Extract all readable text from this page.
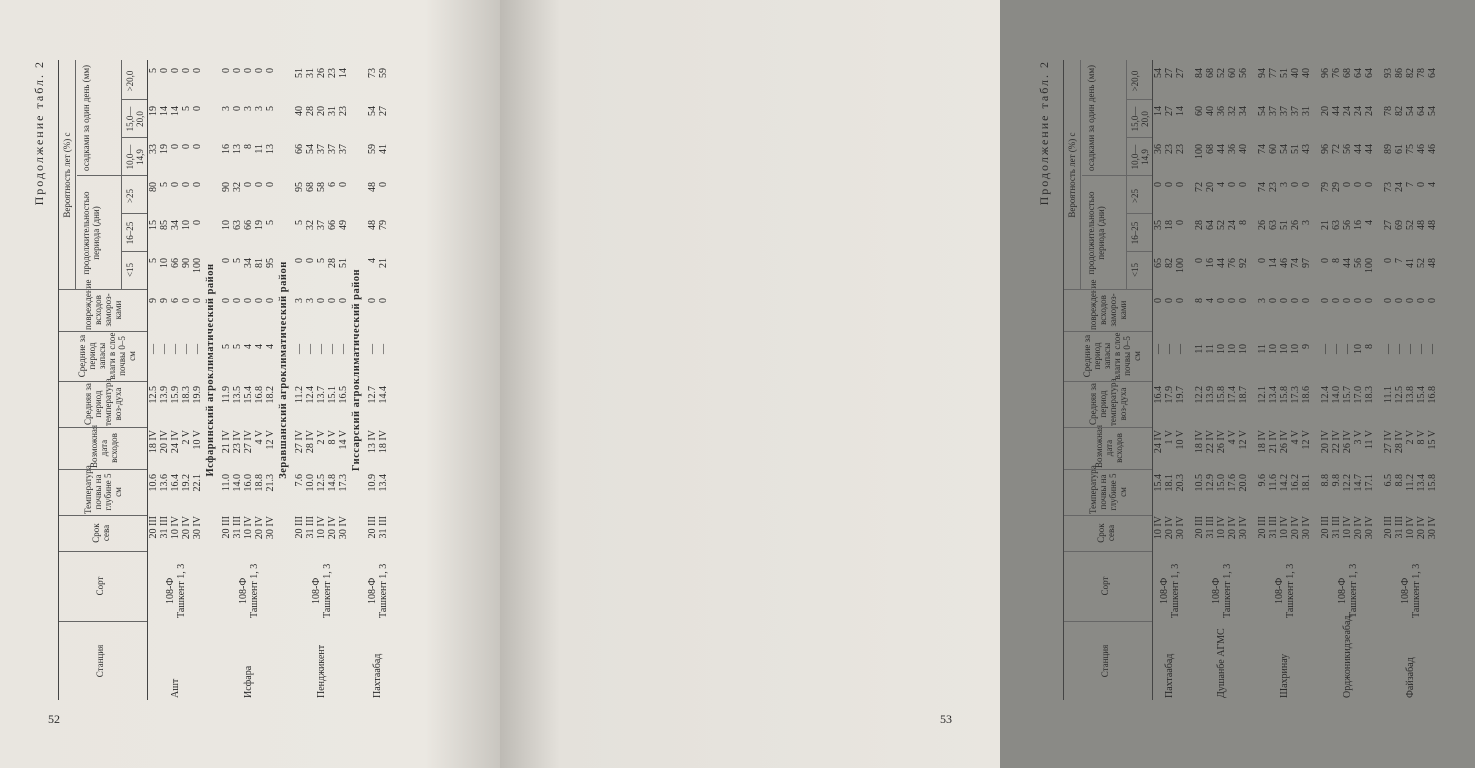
52
Продолжение табл. 2
Станция
Сорт
Срок сева
Температура почвы на глубине 5 см
Возможная дата всходов
Средняя за период температура воз-духа
Средние за период запасы влаги в слое почвы 0–5 см
повреждение всходов замороз-ками
Вероятность лет (%) с
продолжительностью периода (дни)
осадками за один день (мм)
<15
16–25
>25
10,0—14,9
15,0—20,0
>20,0
Ашт
108-Ф Ташкент 1, 3
20 III 31 III 10 IV 20 IV 30 IV
10.6 13.6 16.4 19.2 22.1
18 IV 20 IV 24 IV 2 V 10 V
12.5 13.9 15.9 18.3 19.9
— — — — —
9 9 6 0 0
5 10 66 90 100
15 85 34 10 0
80 5 0 0 0
33 19 0 0 0
19 14 14 5 0
5 0 0 0 0
Исфаринский агроклиматический район
Исфара
108-Ф Ташкент 1, 3
20 III 31 III 10 IV 20 IV 30 IV
11.0 14.0 16.0 18.8 21.3
21 IV 23 IV 27 IV 4 V 12 V
11.9 13.5 15.4 16.8 18.2
5 5 4 4 4
0 0 0 0 0
0 5 34 81 95
10 63 66 19 5
90 32 0 0 0
16 13 8 11 13
3 0 3 3 5
0 0 0 0 0
Зеравшанский агроклиматический район
Пенджикент
108-Ф Ташкент 1, 3
20 III 31 III 10 IV 20 IV 30 IV
7.6 10.0 12.5 14.8 17.3
27 IV 28 IV 2 V 8 V 14 V
11.2 12.4 13.7 15.1 16.5
— — — — —
3 3 0 0 0
0 0 5 28 51
5 32 37 66 49
95 68 58 6 0
66 54 37 37 37
40 28 20 31 23
51 31 26 23 14
Гиссарский агроклиматический район
Пахтаабад
108-Ф Ташкент 1, 3
20 III 31 III
10.9 13.4
13 IV 18 IV
12.7 14.4
— —
0 0
4 21
48 79
48 0
59 41
54 27
73 59
53
Продолжение табл. 2
Станция
Сорт
Срок сева
Температура почвы на глубине 5 см
Возможная дата всходов
Средняя за период температура воз-духа
Средние за период запасы влаги в слое почвы 0–5 см
повреждение всходов замороз-ками
Вероятность лет (%) с
продолжительностью периода (дни)
осадками за один день (мм)
<15
16–25
>25
10,0—14,9
15,0—20,0
>20,0
Пахтаабад
108-Ф Ташкент 1, 3
10 IV 20 IV 30 IV
15.4 18.1 20.3
24 IV 1 V 10 V
16.4 17.9 19.7
— — —
0 0 0
65 82 100
35 18 0
0 0 0
36 23 23
14 27 14
54 27 27
Душанбе АГМС
108-Ф Ташкент 1, 3
20 III 31 III 10 IV 20 IV 30 IV
10.5 12.9 15.0 17.6 20.0
18 IV 22 IV 26 IV 4 V 12 V
12.2 13.9 15.8 17.4 18.7
11 11 10 10 10
8 4 0 0 0
0 16 44 76 92
28 64 52 24 8
72 20 4 0 0
100 68 44 36 40
60 40 36 32 34
84 68 52 60 56
Шахринау
108-Ф Ташкент 1, 3
20 III 31 III 10 IV 20 IV 30 IV
9.6 11.6 14.2 16.2 18.1
18 IV 21 IV 26 IV 4 V 12 V
12.1 13.4 15.8 17.3 18.6
11 10 10 10 9
3 0 0 0 0
0 14 46 74 97
26 63 51 26 3
74 23 3 0 0
74 60 54 51 43
54 37 37 37 31
94 77 51 40 40
Орджоникидзеабад
108-Ф Ташкент 1, 3
20 III 31 III 10 IV 20 IV 30 IV
8.8 9.8 12.2 14.7 17.1
20 IV 22 IV 26 IV 3 V 11 V
12.4 14.0 15.7 17.0 18.3
— — — 10 8
0 0 0 0 0
0 8 44 56 100
21 63 56 16 4
79 29 0 0 0
96 72 56 44 44
20 44 24 24 24
96 76 68 64 64
Файзабад
108-Ф Ташкент 1, 3
20 III 31 III 10 IV 20 IV 30 IV
6.5 8.8 11.2 13.4 15.8
27 IV 28 IV 2 V 8 V 15 V
11.1 12.5 13.8 15.4 16.8
— — — — —
0 0 0 0 0
0 7 41 52 48
27 69 52 48 48
73 24 7 0 4
89 61 75 46 46
78 82 54 64 54
93 86 82 78 64
